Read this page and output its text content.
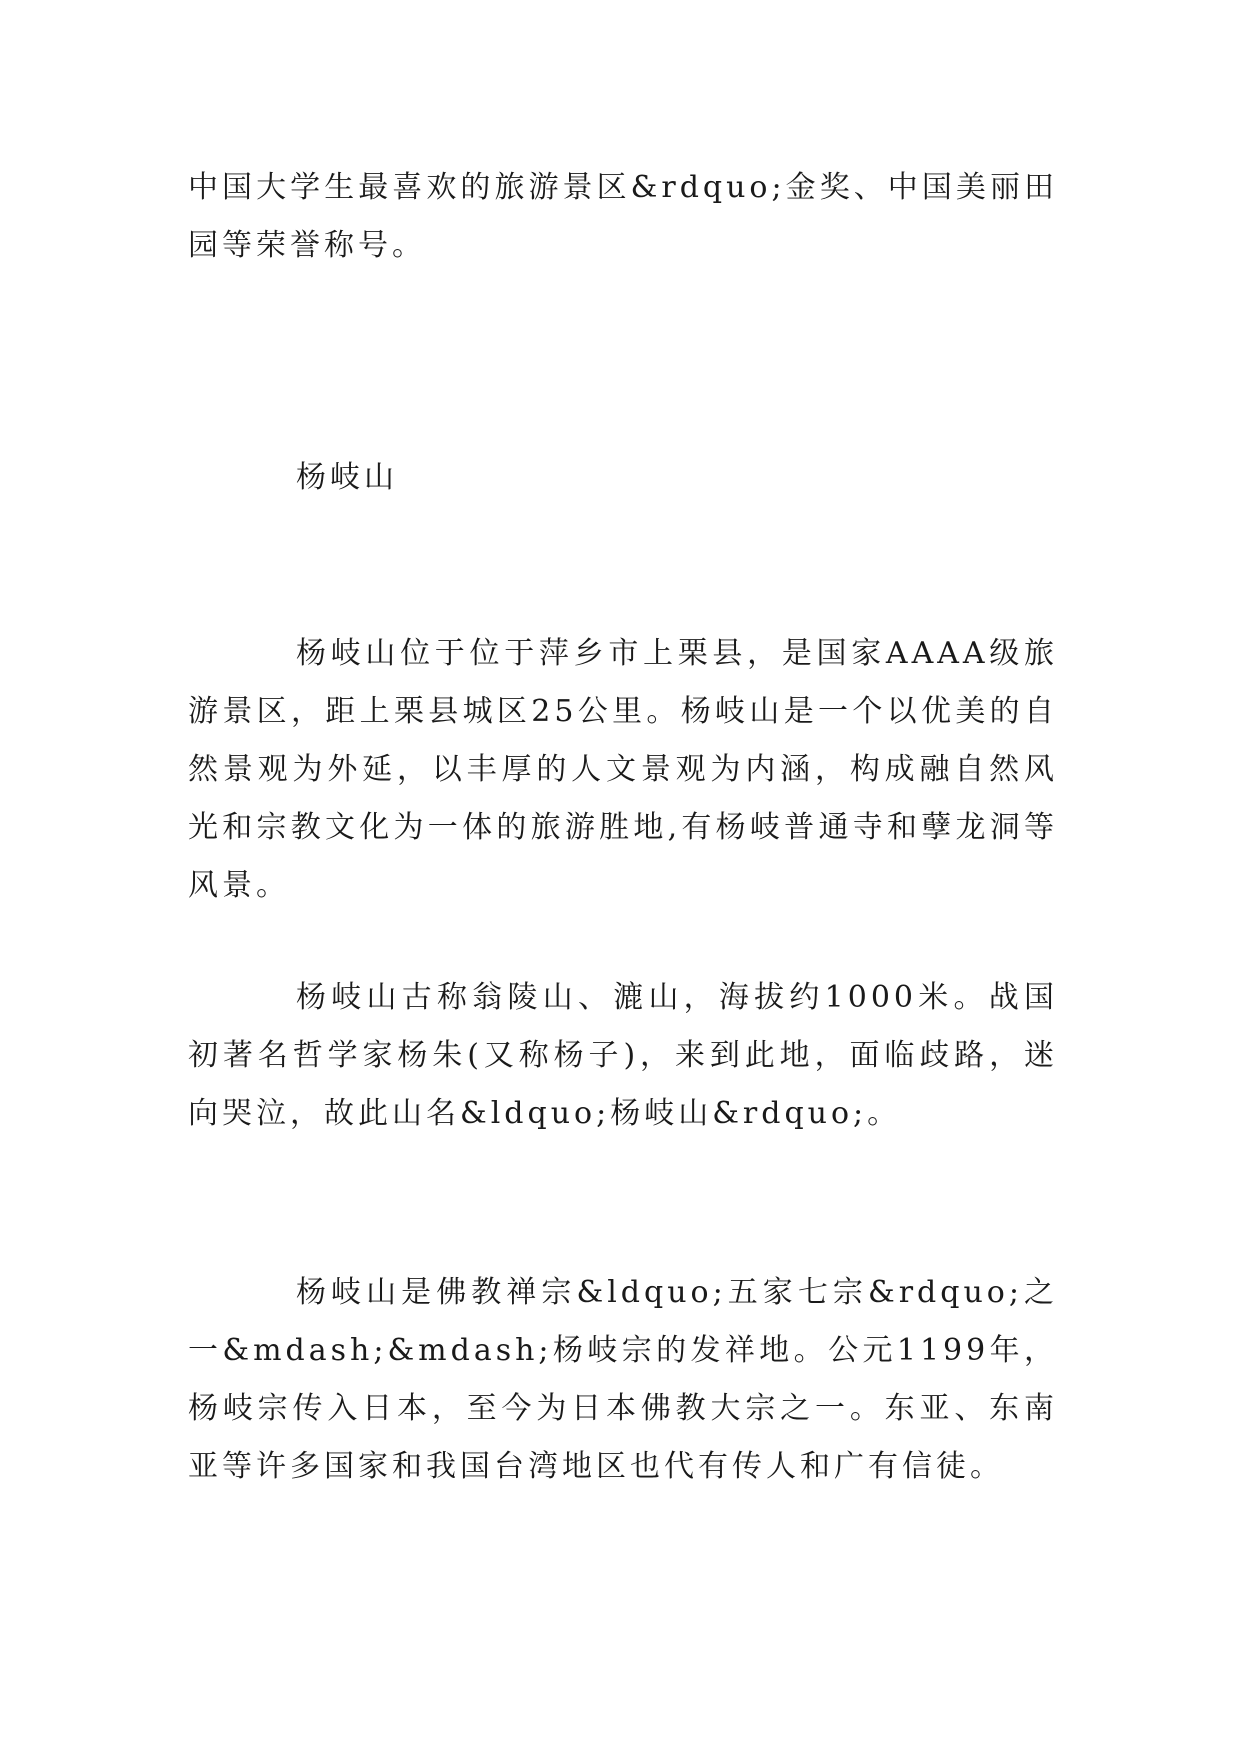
中国大学生最喜欢的旅游景区&rdquo;金奖、中国美丽田园等荣誉称号。

杨岐山

杨岐山位于位于萍乡市上栗县，是国家AAAA级旅游景区，距上栗县城区25公里。杨岐山是一个以优美的自然景观为外延，以丰厚的人文景观为内涵，构成融自然风光和宗教文化为一体的旅游胜地,有杨岐普通寺和孽龙洞等风景。

杨岐山古称翁陵山、漉山，海拔约1000米。战国初著名哲学家杨朱(又称杨子)，来到此地，面临歧路，迷向哭泣，故此山名&ldquo;杨岐山&rdquo;。

杨岐山是佛教禅宗&ldquo;五家七宗&rdquo;之一&mdash;&mdash;杨岐宗的发祥地。公元1199年，杨岐宗传入日本，至今为日本佛教大宗之一。东亚、东南亚等许多国家和我国台湾地区也代有传人和广有信徒。
